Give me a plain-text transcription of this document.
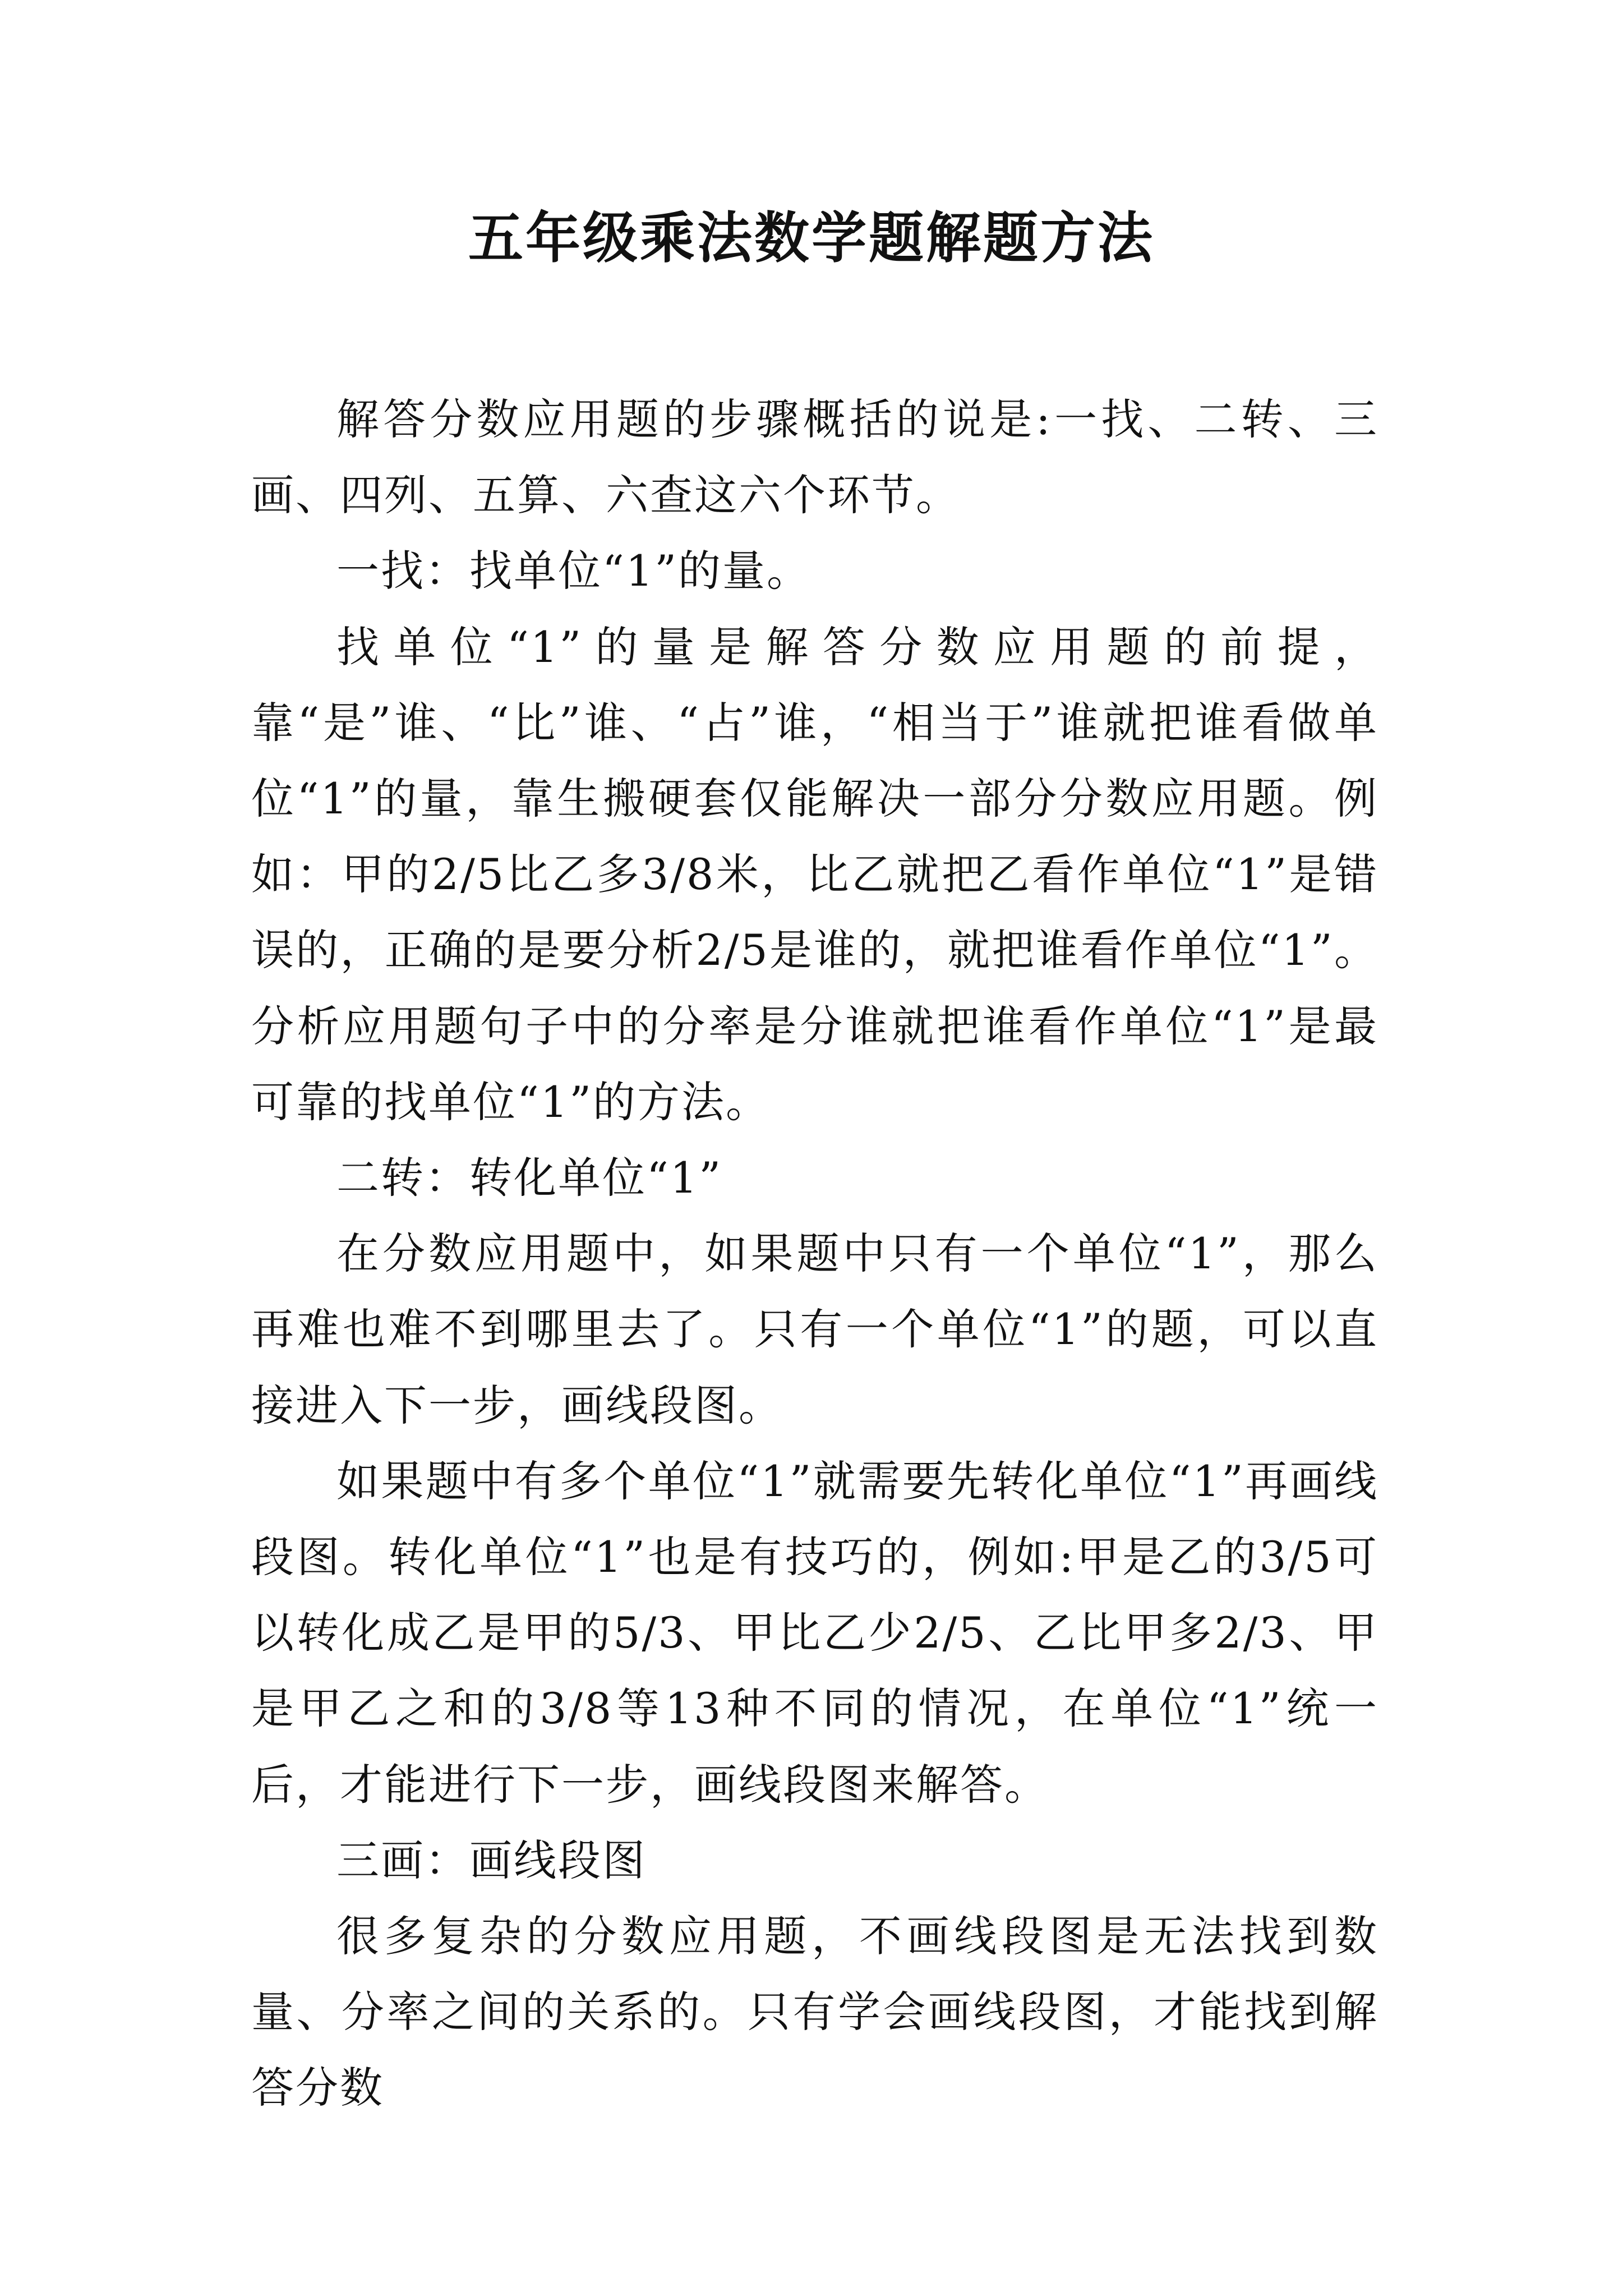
五年级乘法数学题解题方法

解答分数应用题的步骤概括的说是:一找、二转、三画、四列、五算、六查这六个环节。

一找：找单位“1”的量。

找单位“1”的量是解答分数应用题的前提，靠“是”谁、“比”谁、“占”谁，“相当于”谁就把谁看做单位“1”的量，靠生搬硬套仅能解决一部分分数应用题。例如：甲的2/5比乙多3/8米，比乙就把乙看作单位“1”是错误的，正确的是要分析2/5是谁的，就把谁看作单位“1”。分析应用题句子中的分率是分谁就把谁看作单位“1”是最可靠的找单位“1”的方法。

二转：转化单位“1”

在分数应用题中，如果题中只有一个单位“1”，那么再难也难不到哪里去了。只有一个单位“1”的题，可以直接进入下一步，画线段图。

如果题中有多个单位“1”就需要先转化单位“1”再画线段图。转化单位“1”也是有技巧的，例如:甲是乙的3/5可以转化成乙是甲的5/3、甲比乙少2/5、乙比甲多2/3、甲是甲乙之和的3/8等13种不同的情况，在单位“1”统一后，才能进行下一步，画线段图来解答。

三画：画线段图

很多复杂的分数应用题，不画线段图是无法找到数量、分率之间的关系的。只有学会画线段图，才能找到解答分数
